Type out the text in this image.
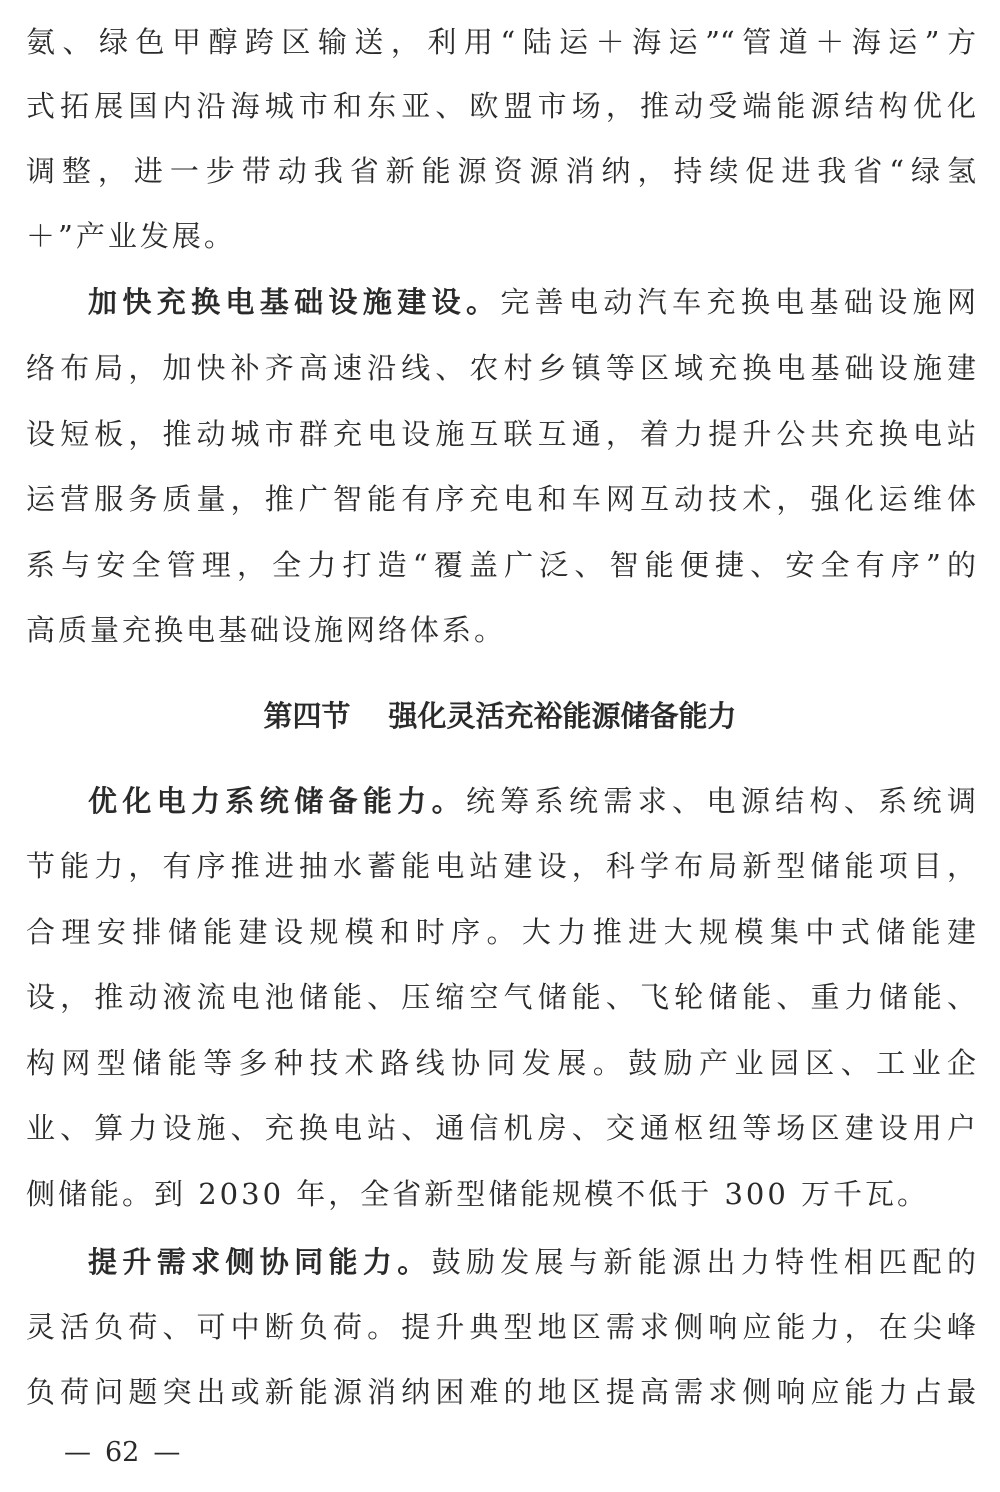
氨、绿色甲醇跨区输送，利用“陆运＋海运”“管道＋海运”方
式拓展国内沿海城市和东亚、欧盟市场，推动受端能源结构优化
调整，进一步带动我省新能源资源消纳，持续促进我省“绿氢
＋”产业发展。
加快充换电基础设施建设。完善电动汽车充换电基础设施网
络布局，加快补齐高速沿线、农村乡镇等区域充换电基础设施建
设短板，推动城市群充电设施互联互通，着力提升公共充换电站
运营服务质量，推广智能有序充电和车网互动技术，强化运维体
系与安全管理，全力打造“覆盖广泛、智能便捷、安全有序”的
高质量充换电基础设施网络体系。
第四节 强化灵活充裕能源储备能力
优化电力系统储备能力。统筹系统需求、电源结构、系统调
节能力，有序推进抽水蓄能电站建设，科学布局新型储能项目，
合理安排储能建设规模和时序。大力推进大规模集中式储能建
设，推动液流电池储能、压缩空气储能、飞轮储能、重力储能、
构网型储能等多种技术路线协同发展。鼓励产业园区、工业企
业、算力设施、充换电站、通信机房、交通枢纽等场区建设用户
侧储能。到 2030 年，全省新型储能规模不低于 300 万千瓦。
提升需求侧协同能力。鼓励发展与新能源出力特性相匹配的
灵活负荷、可中断负荷。提升典型地区需求侧响应能力，在尖峰
负荷问题突出或新能源消纳困难的地区提高需求侧响应能力占最
— 62 —
